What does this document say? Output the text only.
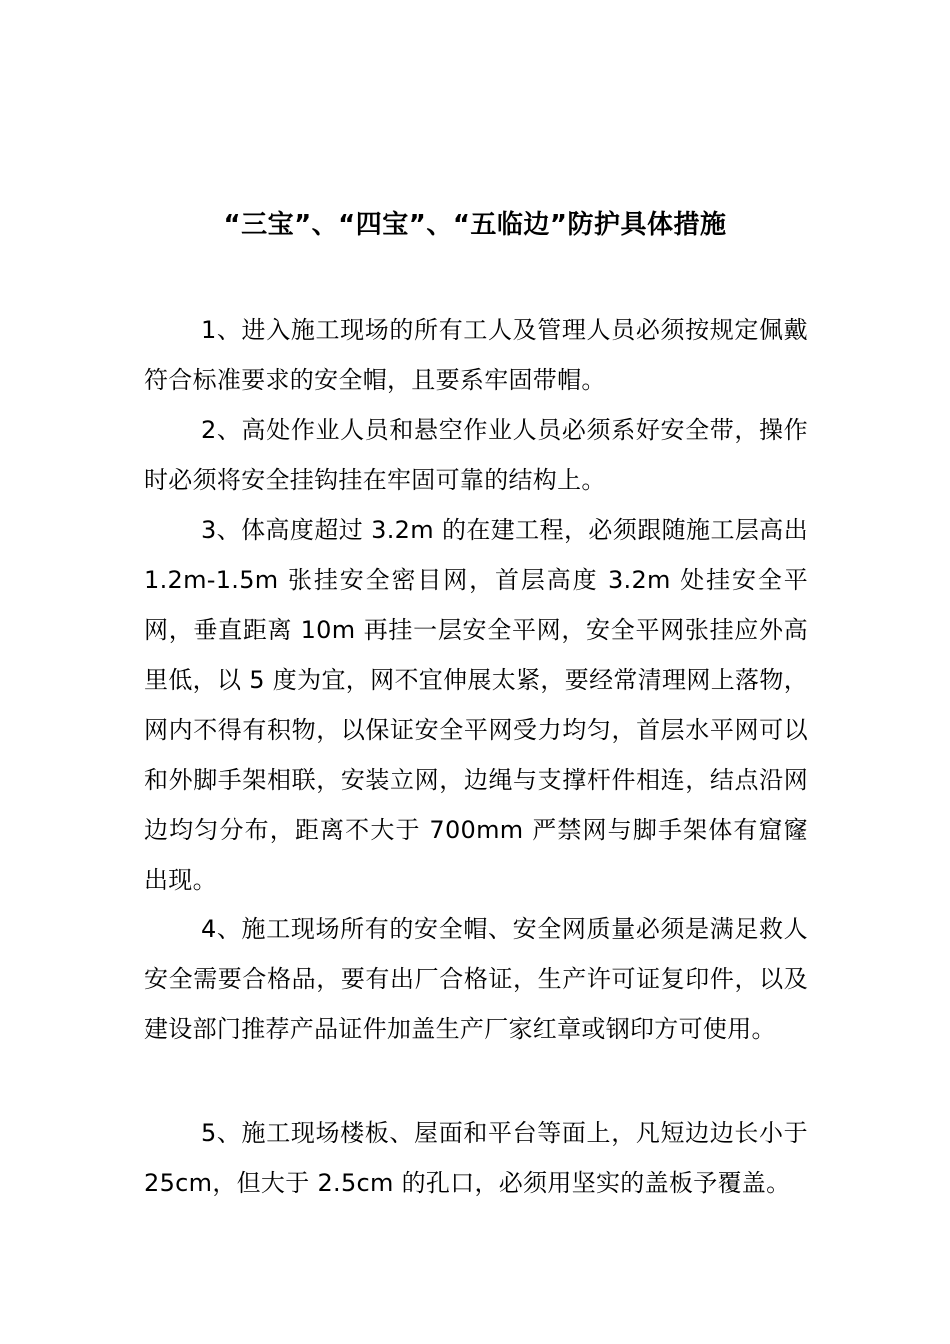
“三宝”、“四宝”、“五临边”防护具体措施

1、进入施工现场的所有工人及管理人员必须按规定佩戴符合标准要求的安全帽，且要系牢固带帽。

2、高处作业人员和悬空作业人员必须系好安全带，操作时必须将安全挂钩挂在牢固可靠的结构上。

3、体高度超过 3.2m 的在建工程，必须跟随施工层高出 1.2m-1.5m 张挂安全密目网，首层高度 3.2m 处挂安全平网，垂直距离 10m 再挂一层安全平网，安全平网张挂应外高里低，以 5 度为宜，网不宜伸展太紧，要经常清理网上落物，网内不得有积物，以保证安全平网受力均匀，首层水平网可以和外脚手架相联，安装立网，边绳与支撑杆件相连，结点沿网边均匀分布，距离不大于 700mm 严禁网与脚手架体有窟窿出现。

4、施工现场所有的安全帽、安全网质量必须是满足救人安全需要合格品，要有出厂合格证，生产许可证复印件，以及建设部门推荐产品证件加盖生产厂家红章或钢印方可使用。

5、施工现场楼板、屋面和平台等面上，凡短边边长小于 25cm，但大于 2.5cm 的孔口，必须用坚实的盖板予覆盖。
